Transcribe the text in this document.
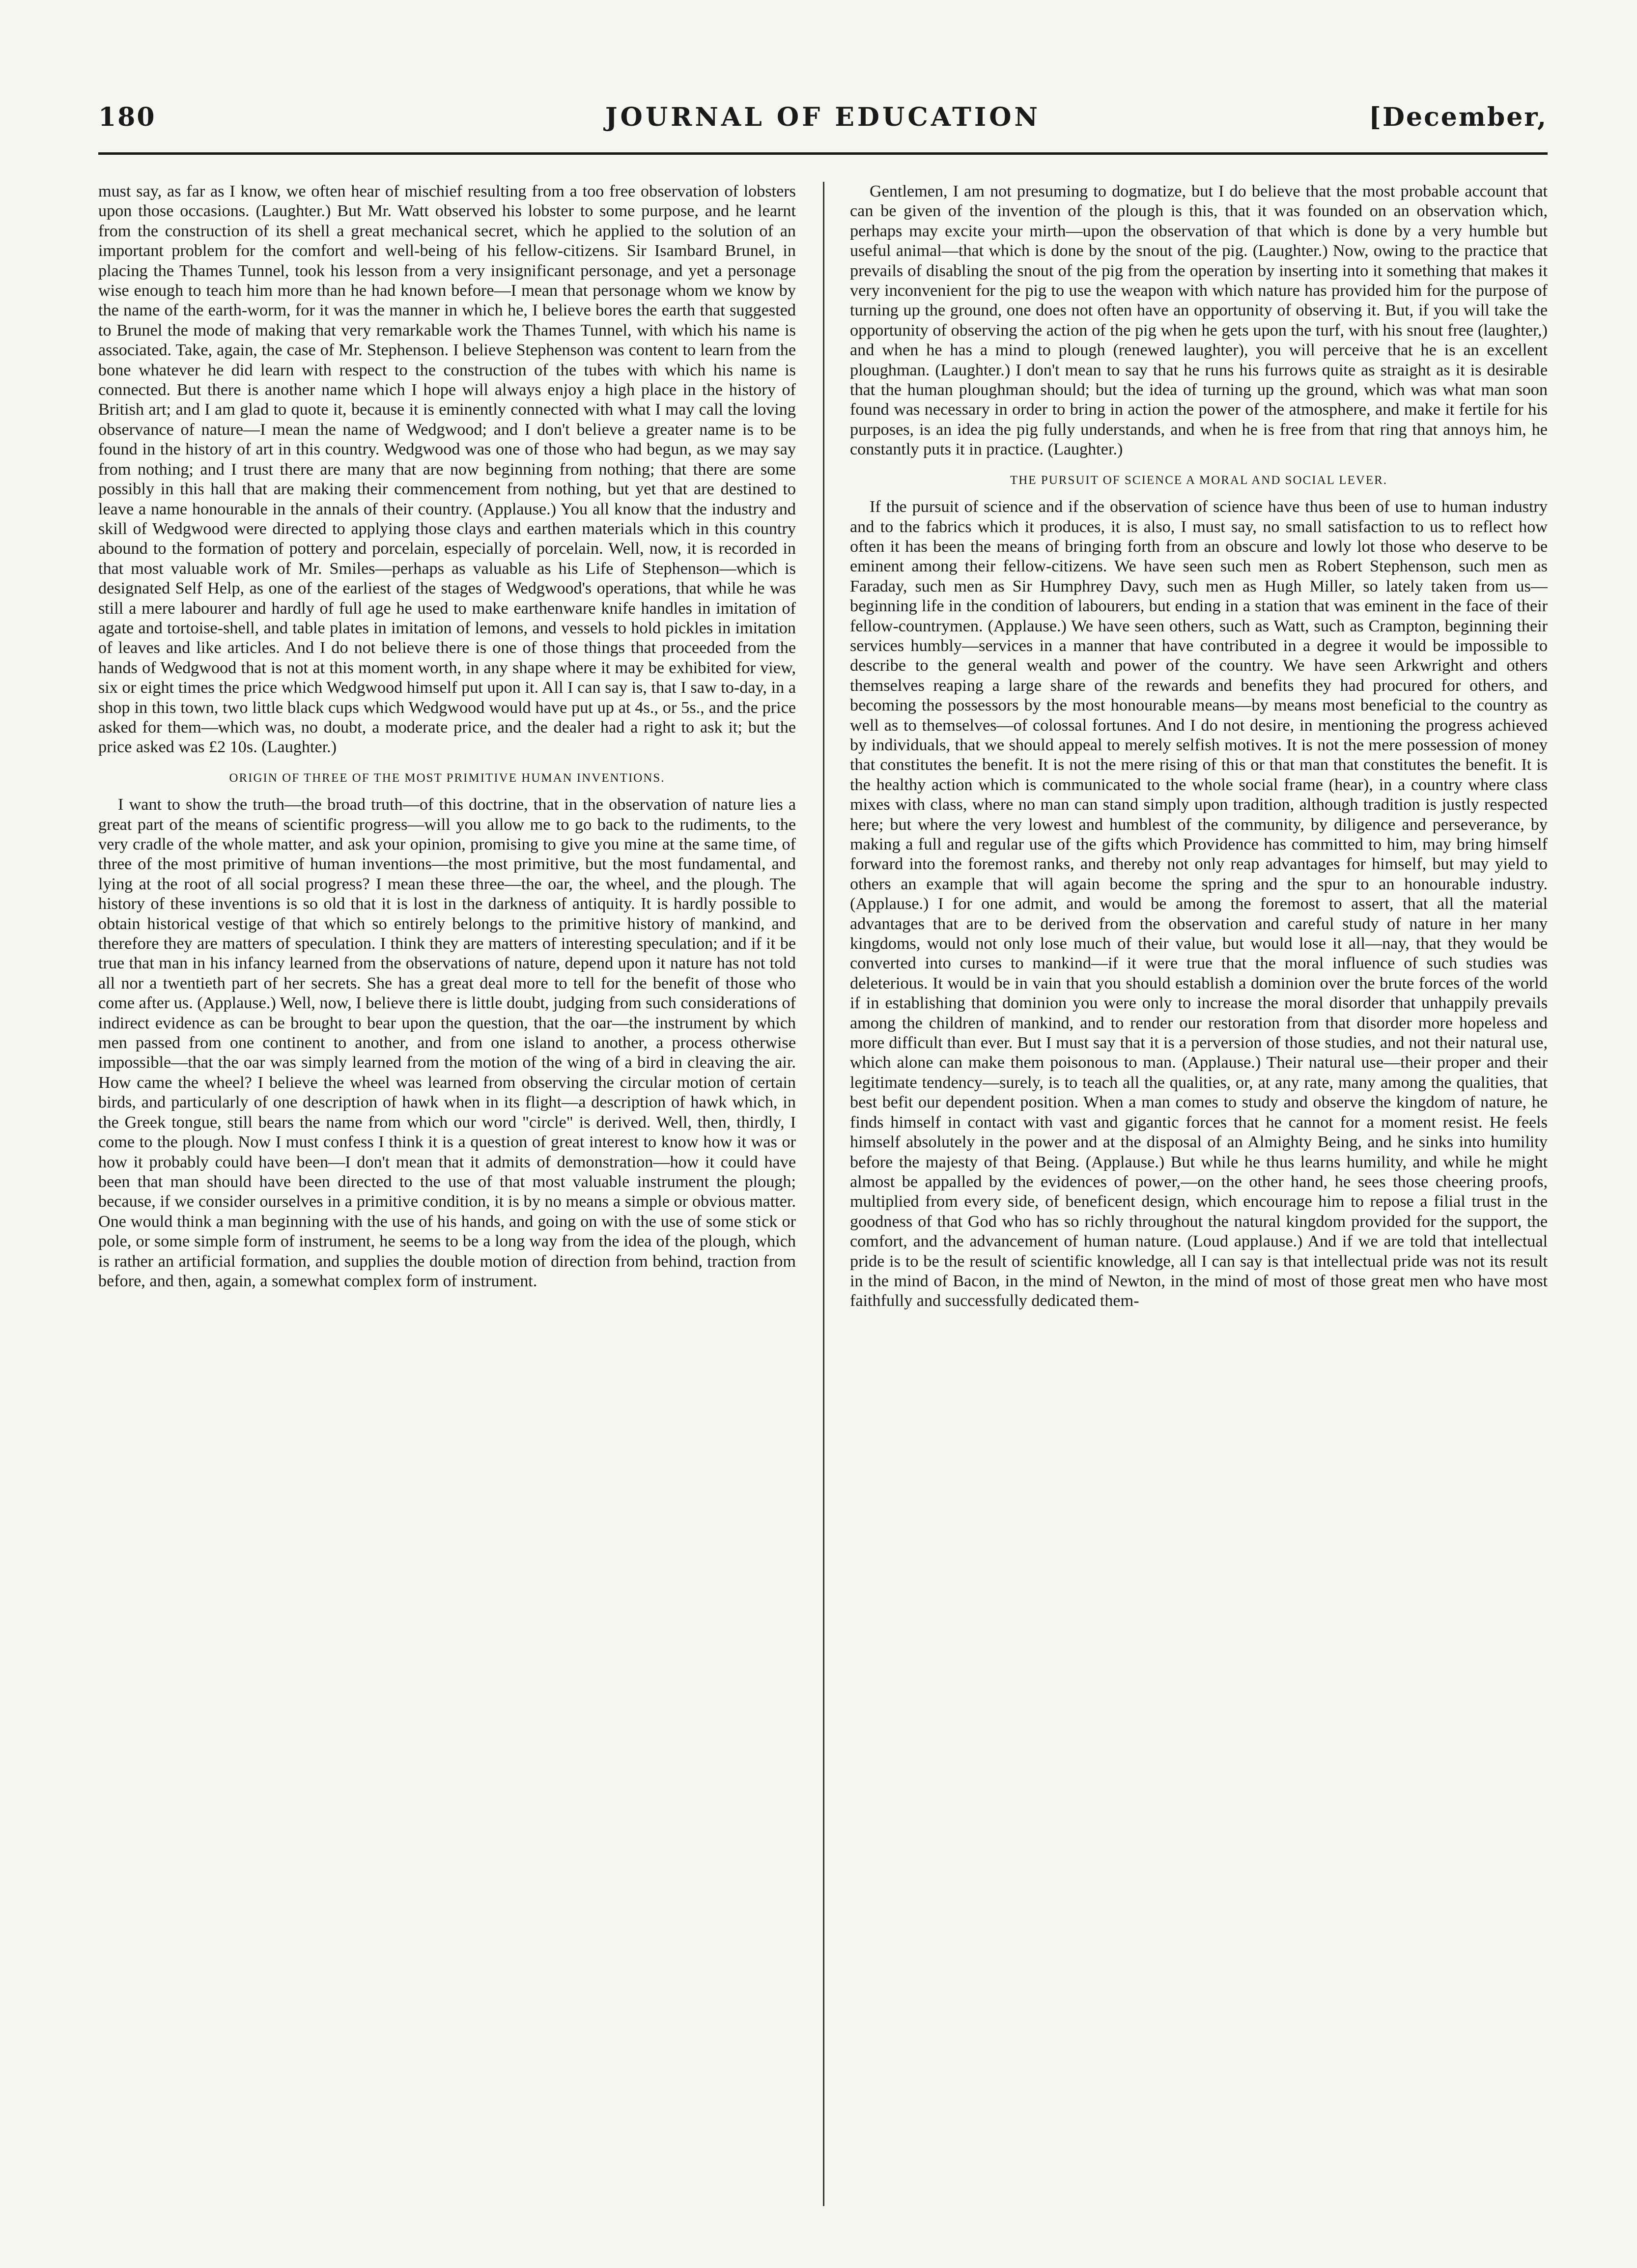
180	JOURNAL OF EDUCATION	[December,

must say, as far as I know, we often hear of mischief resulting from a too free observation of lobsters upon those occasions. (Laughter.) But Mr. Watt observed his lobster to some purpose, and he learnt from the construction of its shell a great mechanical secret, which he applied to the solution of an important problem for the comfort and well-being of his fellow-citizens. Sir Isambard Brunel, in placing the Thames Tunnel, took his lesson from a very insignificant personage, and yet a personage wise enough to teach him more than he had known before—I mean that personage whom we know by the name of the earth-worm, for it was the manner in which he, I believe bores the earth that suggested to Brunel the mode of making that very remarkable work the Thames Tunnel, with which his name is associated. Take, again, the case of Mr. Stephenson. I believe Stephenson was content to learn from the bone whatever he did learn with respect to the construction of the tubes with which his name is connected. But there is another name which I hope will always enjoy a high place in the history of British art; and I am glad to quote it, because it is eminently connected with what I may call the loving observance of nature—I mean the name of Wedgwood; and I don't believe a greater name is to be found in the history of art in this country. Wedgwood was one of those who had begun, as we may say from nothing; and I trust there are many that are now beginning from nothing; that there are some possibly in this hall that are making their commencement from nothing, but yet that are destined to leave a name honourable in the annals of their country. (Applause.) You all know that the industry and skill of Wedgwood were directed to applying those clays and earthen materials which in this country abound to the formation of pottery and porcelain, especially of porcelain. Well, now, it is recorded in that most valuable work of Mr. Smiles—perhaps as valuable as his Life of Stephenson—which is designated Self Help, as one of the earliest of the stages of Wedgwood's operations, that while he was still a mere labourer and hardly of full age he used to make earthenware knife handles in imitation of agate and tortoise-shell, and table plates in imitation of lemons, and vessels to hold pickles in imitation of leaves and like articles. And I do not believe there is one of those things that proceeded from the hands of Wedgwood that is not at this moment worth, in any shape where it may be exhibited for view, six or eight times the price which Wedgwood himself put upon it. All I can say is, that I saw to-day, in a shop in this town, two little black cups which Wedgwood would have put up at 4s., or 5s., and the price asked for them—which was, no doubt, a moderate price, and the dealer had a right to ask it; but the price asked was £2 10s. (Laughter.)

ORIGIN OF THREE OF THE MOST PRIMITIVE HUMAN INVENTIONS.

I want to show the truth—the broad truth—of this doctrine, that in the observation of nature lies a great part of the means of scientific progress—will you allow me to go back to the rudiments, to the very cradle of the whole matter, and ask your opinion, promising to give you mine at the same time, of three of the most primitive of human inventions—the most primitive, but the most fundamental, and lying at the root of all social progress? I mean these three—the oar, the wheel, and the plough. The history of these inventions is so old that it is lost in the darkness of antiquity. It is hardly possible to obtain historical vestige of that which so entirely belongs to the primitive history of mankind, and therefore they are matters of speculation. I think they are matters of interesting speculation; and if it be true that man in his infancy learned from the observations of nature, depend upon it nature has not told all nor a twentieth part of her secrets. She has a great deal more to tell for the benefit of those who come after us. (Applause.) Well, now, I believe there is little doubt, judging from such considerations of indirect evidence as can be brought to bear upon the question, that the oar—the instrument by which men passed from one continent to another, and from one island to another, a process otherwise impossible—that the oar was simply learned from the motion of the wing of a bird in cleaving the air. How came the wheel? I believe the wheel was learned from observing the circular motion of certain birds, and particularly of one description of hawk when in its flight—a description of hawk which, in the Greek tongue, still bears the name from which our word "circle" is derived. Well, then, thirdly, I come to the plough. Now I must confess I think it is a question of great interest to know how it was or how it probably could have been—I don't mean that it admits of demonstration—how it could have been that man should have been directed to the use of that most valuable instrument the plough; because, if we consider ourselves in a primitive condition, it is by no means a simple or obvious matter. One would think a man beginning with the use of his hands, and going on with the use of some stick or pole, or some simple form of instrument, he seems to be a long way from the idea of the plough, which is rather an artificial formation, and supplies the double motion of direction from behind, traction from before, and then, again, a somewhat complex form of instrument.

Gentlemen, I am not presuming to dogmatize, but I do believe that the most probable account that can be given of the invention of the plough is this, that it was founded on an observation which, perhaps may excite your mirth—upon the observation of that which is done by a very humble but useful animal—that which is done by the snout of the pig. (Laughter.) Now, owing to the practice that prevails of disabling the snout of the pig from the operation by inserting into it something that makes it very inconvenient for the pig to use the weapon with which nature has provided him for the purpose of turning up the ground, one does not often have an opportunity of observing it. But, if you will take the opportunity of observing the action of the pig when he gets upon the turf, with his snout free (laughter,) and when he has a mind to plough (renewed laughter), you will perceive that he is an excellent ploughman. (Laughter.) I don't mean to say that he runs his furrows quite as straight as it is desirable that the human ploughman should; but the idea of turning up the ground, which was what man soon found was necessary in order to bring in action the power of the atmosphere, and make it fertile for his purposes, is an idea the pig fully understands, and when he is free from that ring that annoys him, he constantly puts it in practice. (Laughter.)

THE PURSUIT OF SCIENCE A MORAL AND SOCIAL LEVER.

If the pursuit of science and if the observation of science have thus been of use to human industry and to the fabrics which it produces, it is also, I must say, no small satisfaction to us to reflect how often it has been the means of bringing forth from an obscure and lowly lot those who deserve to be eminent among their fellow-citizens. We have seen such men as Robert Stephenson, such men as Faraday, such men as Sir Humphrey Davy, such men as Hugh Miller, so lately taken from us—beginning life in the condition of labourers, but ending in a station that was eminent in the face of their fellow-countrymen. (Applause.) We have seen others, such as Watt, such as Crampton, beginning their services humbly—services in a manner that have contributed in a degree it would be impossible to describe to the general wealth and power of the country. We have seen Arkwright and others themselves reaping a large share of the rewards and benefits they had procured for others, and becoming the possessors by the most honourable means—by means most beneficial to the country as well as to themselves—of colossal fortunes. And I do not desire, in mentioning the progress achieved by individuals, that we should appeal to merely selfish motives. It is not the mere possession of money that constitutes the benefit. It is not the mere rising of this or that man that constitutes the benefit. It is the healthy action which is communicated to the whole social frame (hear), in a country where class mixes with class, where no man can stand simply upon tradition, although tradition is justly respected here; but where the very lowest and humblest of the community, by diligence and perseverance, by making a full and regular use of the gifts which Providence has committed to him, may bring himself forward into the foremost ranks, and thereby not only reap advantages for himself, but may yield to others an example that will again become the spring and the spur to an honourable industry. (Applause.) I for one admit, and would be among the foremost to assert, that all the material advantages that are to be derived from the observation and careful study of nature in her many kingdoms, would not only lose much of their value, but would lose it all—nay, that they would be converted into curses to mankind—if it were true that the moral influence of such studies was deleterious. It would be in vain that you should establish a dominion over the brute forces of the world if in establishing that dominion you were only to increase the moral disorder that unhappily prevails among the children of mankind, and to render our restoration from that disorder more hopeless and more difficult than ever. But I must say that it is a perversion of those studies, and not their natural use, which alone can make them poisonous to man. (Applause.) Their natural use—their proper and their legitimate tendency—surely, is to teach all the qualities, or, at any rate, many among the qualities, that best befit our dependent position. When a man comes to study and observe the kingdom of nature, he finds himself in contact with vast and gigantic forces that he cannot for a moment resist. He feels himself absolutely in the power and at the disposal of an Almighty Being, and he sinks into humility before the majesty of that Being. (Applause.) But while he thus learns humility, and while he might almost be appalled by the evidences of power,—on the other hand, he sees those cheering proofs, multiplied from every side, of beneficent design, which encourage him to repose a filial trust in the goodness of that God who has so richly throughout the natural kingdom provided for the support, the comfort, and the advancement of human nature. (Loud applause.) And if we are told that intellectual pride is to be the result of scientific knowledge, all I can say is that intellectual pride was not its result in the mind of Bacon, in the mind of Newton, in the mind of most of those great men who have most faithfully and successfully dedicated them-
